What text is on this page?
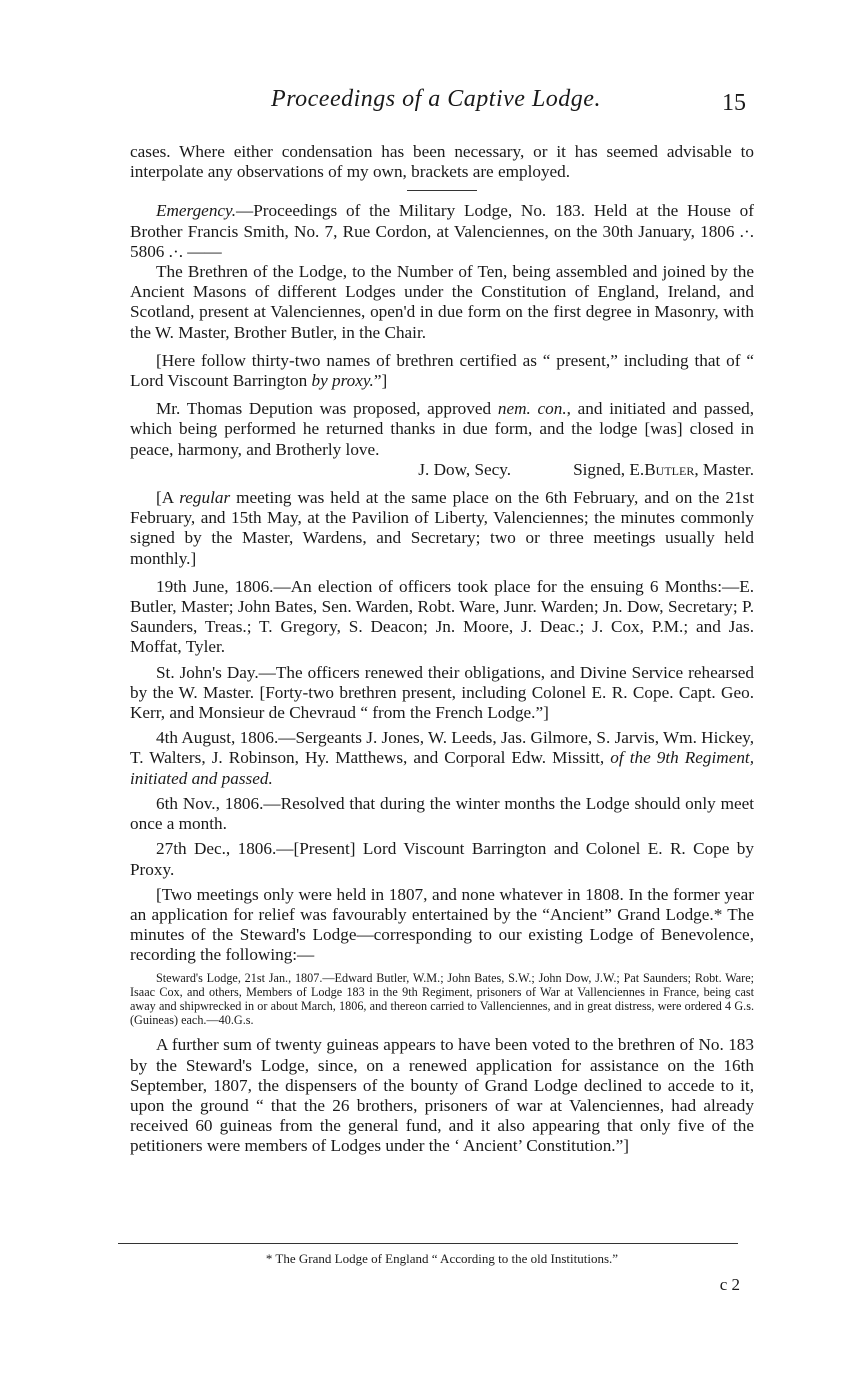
Proceedings of a Captive Lodge.	15

cases. Where either condensation has been necessary, or it has seemed advisable to interpolate any observations of my own, brackets are employed.

Emergency.—Proceedings of the Military Lodge, No. 183. Held at the House of Brother Francis Smith, No. 7, Rue Cordon, at Valenciennes, on the 30th January, 1806 .·. 5806 .·. ——

The Brethren of the Lodge, to the Number of Ten, being assembled and joined by the Ancient Masons of different Lodges under the Constitution of England, Ireland, and Scotland, present at Valenciennes, open'd in due form on the first degree in Masonry, with the W. Master, Brother Butler, in the Chair.

[Here follow thirty-two names of brethren certified as “ present,” including that of “ Lord Viscount Barrington by proxy.”]

Mr. Thomas Depution was proposed, approved nem. con., and initiated and passed, which being performed he returned thanks in due form, and the lodge [was] closed in peace, harmony, and Brotherly love.

J. Dow, Secy.	Signed, E.Butler, Master.

[A regular meeting was held at the same place on the 6th February, and on the 21st February, and 15th May, at the Pavilion of Liberty, Valenciennes; the minutes commonly signed by the Master, Wardens, and Secretary; two or three meetings usually held monthly.]

19th June, 1806.—An election of officers took place for the ensuing 6 Months:—E. Butler, Master; John Bates, Sen. Warden, Robt. Ware, Junr. Warden; Jn. Dow, Secretary; P. Saunders, Treas.; T. Gregory, S. Deacon; Jn. Moore, J. Deac.; J. Cox, P.M.; and Jas. Moffat, Tyler.

St. John's Day.—The officers renewed their obligations, and Divine Service rehearsed by the W. Master. [Forty-two brethren present, including Colonel E. R. Cope. Capt. Geo. Kerr, and Monsieur de Chevraud “ from the French Lodge.”]

4th August, 1806.—Sergeants J. Jones, W. Leeds, Jas. Gilmore, S. Jarvis, Wm. Hickey, T. Walters, J. Robinson, Hy. Matthews, and Corporal Edw. Missitt, of the 9th Regiment, initiated and passed.

6th Nov., 1806.—Resolved that during the winter months the Lodge should only meet once a month.

27th Dec., 1806.—[Present] Lord Viscount Barrington and Colonel E. R. Cope by Proxy.

[Two meetings only were held in 1807, and none whatever in 1808. In the former year an application for relief was favourably entertained by the “Ancient” Grand Lodge.* The minutes of the Steward's Lodge—corresponding to our existing Lodge of Benevolence, recording the following:—

Steward's Lodge, 21st Jan., 1807.—Edward Butler, W.M.; John Bates, S.W.; John Dow, J.W.; Pat Saunders; Robt. Ware; Isaac Cox, and others, Members of Lodge 183 in the 9th Regiment, prisoners of War at Vallenciennes in France, being cast away and shipwrecked in or about March, 1806, and thereon carried to Vallenciennes, and in great distress, were ordered 4 G.s. (Guineas) each.—40.G.s.

A further sum of twenty guineas appears to have been voted to the brethren of No. 183 by the Steward's Lodge, since, on a renewed application for assistance on the 16th September, 1807, the dispensers of the bounty of Grand Lodge declined to accede to it, upon the ground “ that the 26 brothers, prisoners of war at Valenciennes, had already received 60 guineas from the general fund, and it also appearing that only five of the petitioners were members of Lodges under the ‘ Ancient’ Constitution.”]

* The Grand Lodge of England “ According to the old Institutions.”
c 2
